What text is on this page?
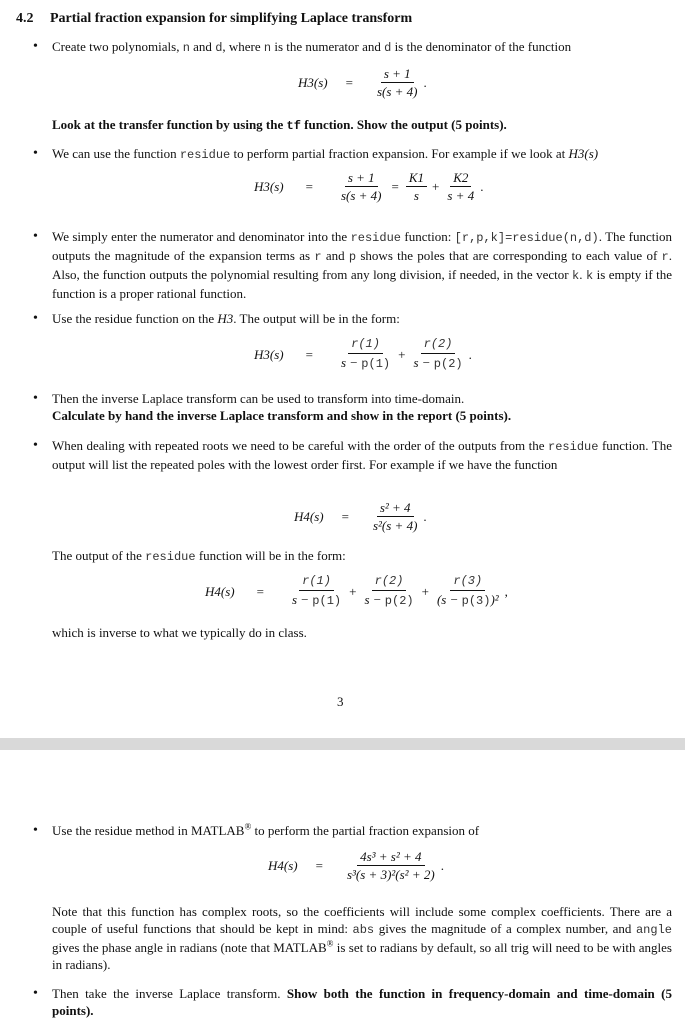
4.2 Partial fraction expansion for simplifying Laplace transform
• Create two polynomials, n and d, where n is the numerator and d is the denominator of the function
$H3(s) = \frac{s + 1}{s(s + 4)}$ .
Look at the transfer function by using the tf function. Show the output (5 points).
• We can use the function residue to perform partial fraction expansion. For example if we look at H3(s)
$H3(s) = \frac{s + 1}{s(s + 4)} = \frac{K1}{s} + \frac{K2}{s + 4}$ .
• We simply enter the numerator and denominator into the residue function: [r,p,k]=residue(n,d). The function outputs the magnitude of the expansion terms as r and p shows the poles that are corresponding to each value of r. Also, the function outputs the polynomial resulting from any long division, if needed, in the vector k. k is empty if the function is a proper rational function.
• Use the residue function on the H3. The output will be in the form:
$H3(s) = \frac{r(1)}{s - p(1)} + \frac{r(2)}{s - p(2)}$ .
• Then the inverse Laplace transform can be used to transform into time-domain.
Calculate by hand the inverse Laplace transform and show in the report (5 points).
• When dealing with repeated roots we need to be careful with the order of the outputs from the residue function. The output will list the repeated poles with the lowest order first. For example if we have the function
$H4(s) = \frac{\text{s² + 4}}{\text{s²(s + 4)}}$ .
The output of the residue function will be in the form:
$H4(s) = \frac{r(1)}{s - p(1)} + \frac{r(2)}{s - p(2)} + \frac{r(3)}{\text{(s − p(3))²}}$ ,
which is inverse to what we typically do in class.
3
• Use the residue method in MATLAB® to perform the partial fraction expansion of
$H4(s) = \frac{\text{4s³ + s² + 4}}{\text{s³(s + 3)²(s² + 2)}}$ .
Note that this function has complex roots, so the coefficients will include some complex coefficients. There are a couple of useful functions that should be kept in mind: abs gives the magnitude of a complex number, and angle gives the phase angle in radians (note that MATLAB® is set to radians by default, so all trig will need to be with angles in radians).
• Then take the inverse Laplace transform. Show both the function in frequency-domain and time-domain (5 points).
